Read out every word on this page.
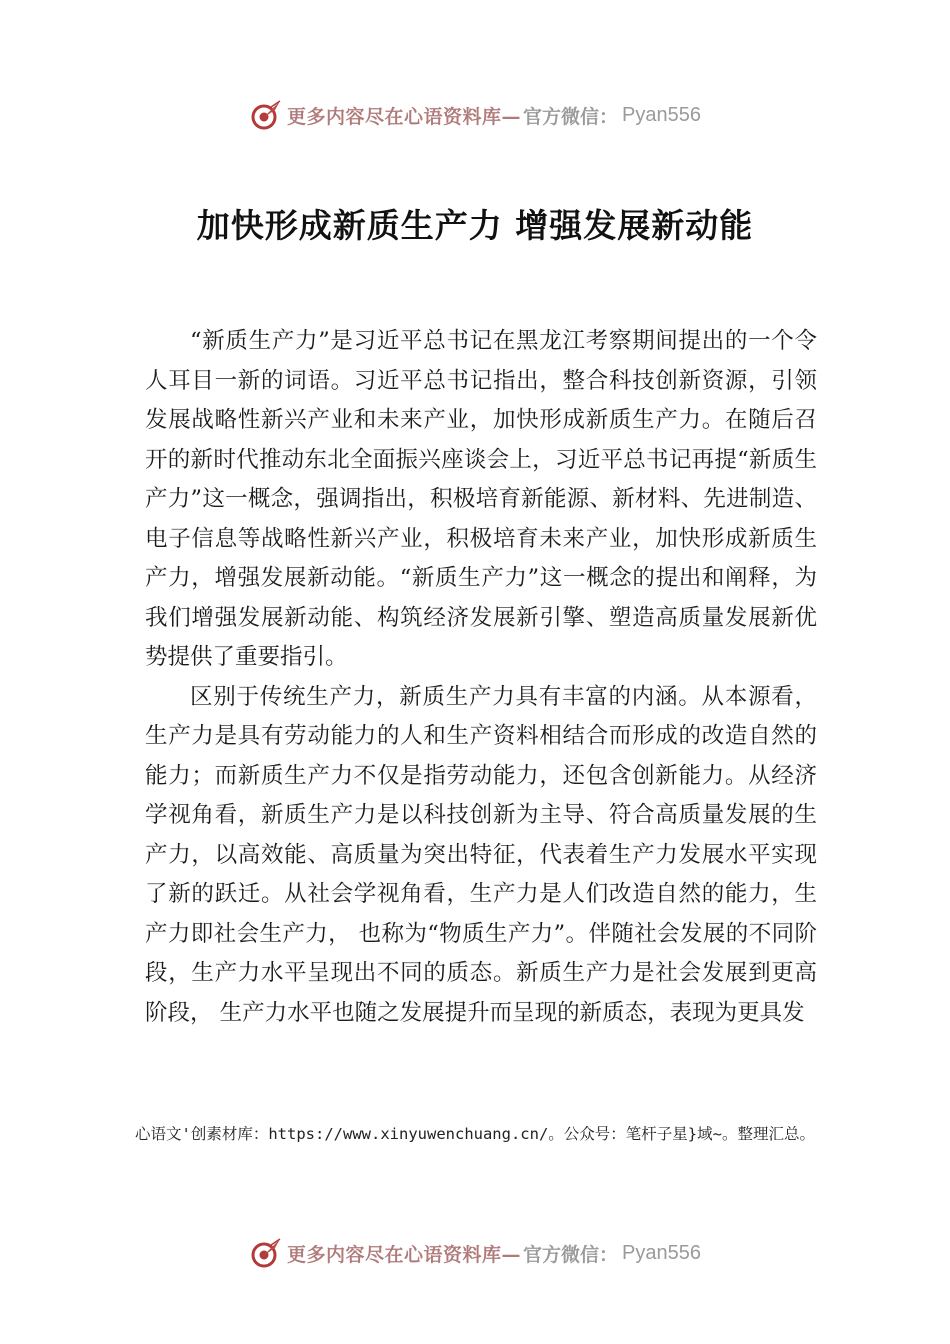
更多内容尽在心语资料库— 官方微信： Pyan556
加快形成新质生产力 增强发展新动能

“新质生产力”是习近平总书记在黑龙江考察期间提出的一个令人耳目一新的词语。习近平总书记指出，整合科技创新资源，引领发展战略性新兴产业和未来产业，加快形成新质生产力。在随后召开的新时代推动东北全面振兴座谈会上，习近平总书记再提“新质生产力”这一概念，强调指出，积极培育新能源、新材料、先进制造、电子信息等战略性新兴产业，积极培育未来产业，加快形成新质生产力，增强发展新动能。“新质生产力”这一概念的提出和阐释，为我们增强发展新动能、构筑经济发展新引擎、塑造高质量发展新优势提供了重要指引。

区别于传统生产力，新质生产力具有丰富的内涵。从本源看，生产力是具有劳动能力的人和生产资料相结合而形成的改造自然的能力；而新质生产力不仅是指劳动能力，还包含创新能力。从经济学视角看，新质生产力是以科技创新为主导、符合高质量发展的生产力，以高效能、高质量为突出特征，代表着生产力发展水平实现了新的跃迁。从社会学视角看，生产力是人们改造自然的能力，生产力即社会生产力， 也称为“物质生产力”。伴随社会发展的不同阶段，生产力水平呈现出不同的质态。新质生产力是社会发展到更高阶段， 生产力水平也随之发展提升而呈现的新质态，表现为更具发

心语文'创素材库：https://www.xinyuwenchuang.cn/。公众号：笔杆子星}域~。整理汇总。
更多内容尽在心语资料库— 官方微信： Pyan556
